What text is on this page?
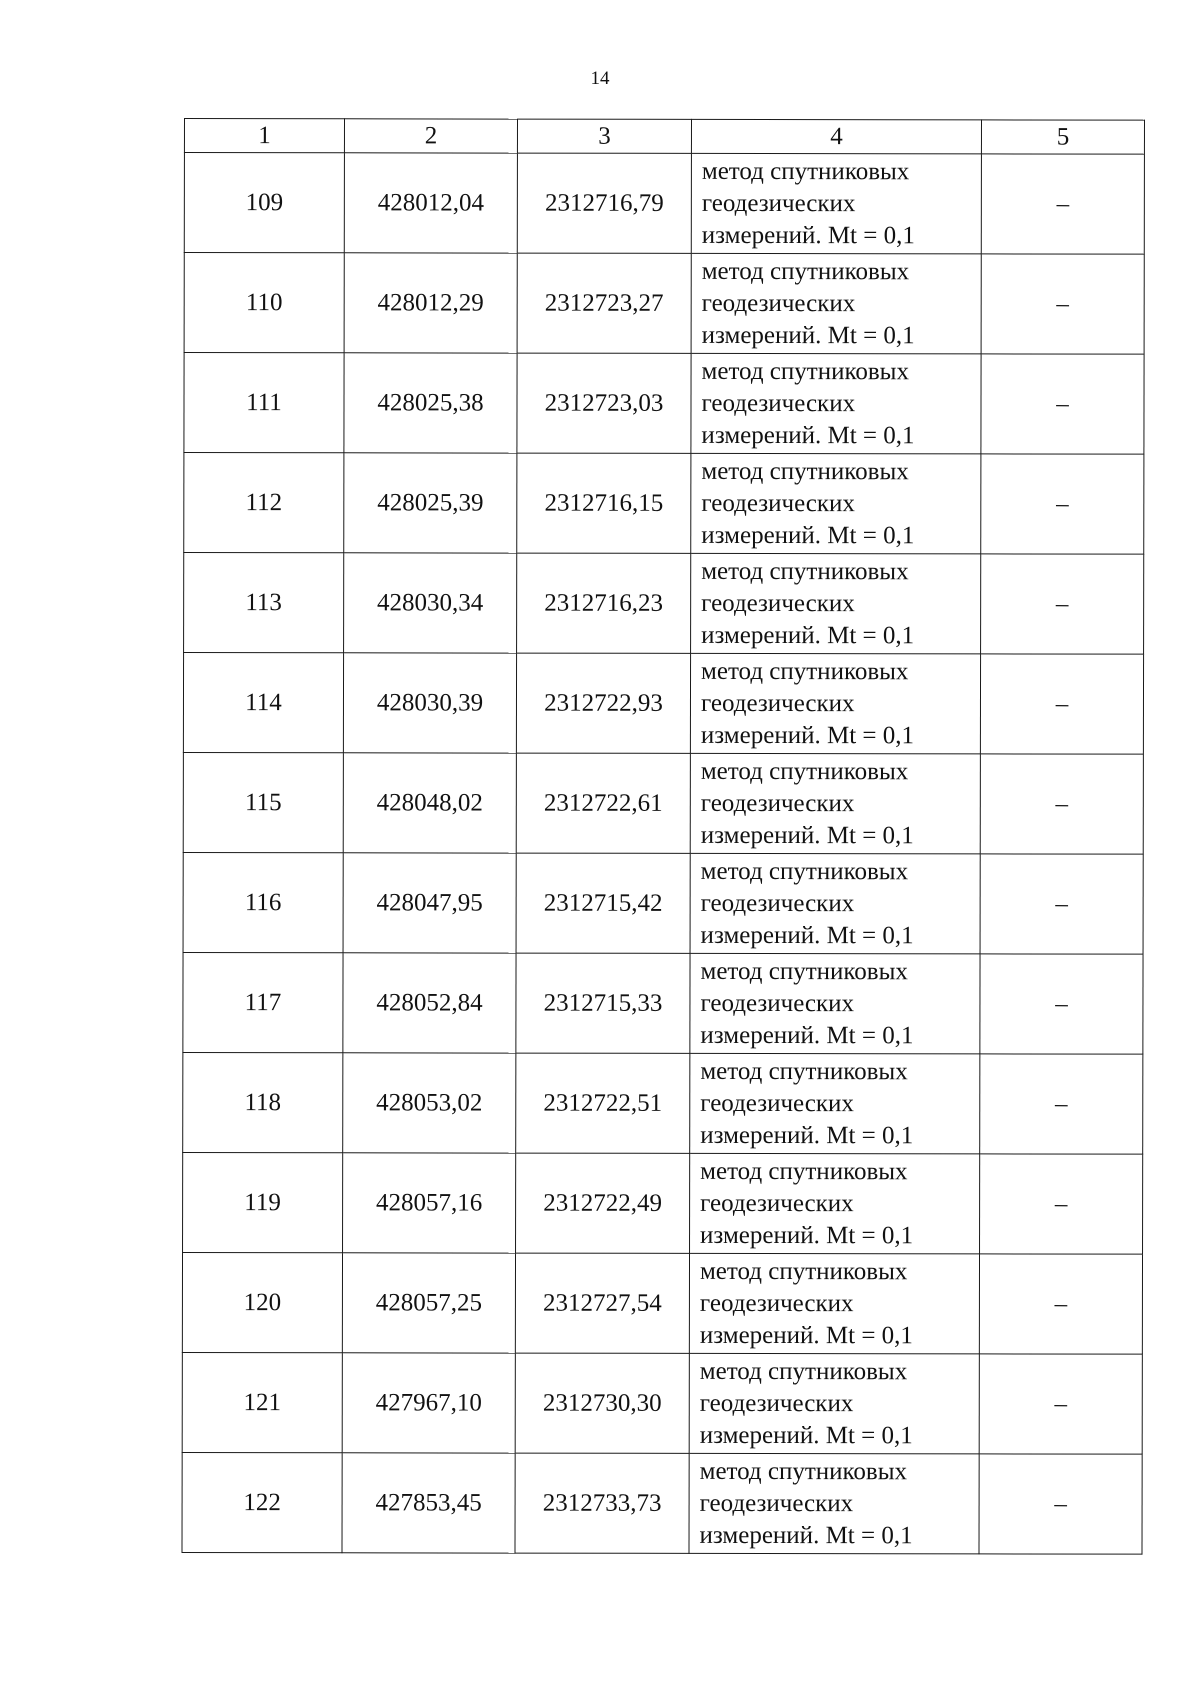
14
1	2	3	4	5
109	428012,04	2312716,79	метод спутниковых
геодезических
измерений. Mt = 0,1	–
110	428012,29	2312723,27	метод спутниковых
геодезических
измерений. Mt = 0,1	–
111	428025,38	2312723,03	метод спутниковых
геодезических
измерений. Mt = 0,1	–
112	428025,39	2312716,15	метод спутниковых
геодезических
измерений. Mt = 0,1	–
113	428030,34	2312716,23	метод спутниковых
геодезических
измерений. Mt = 0,1	–
114	428030,39	2312722,93	метод спутниковых
геодезических
измерений. Mt = 0,1	–
115	428048,02	2312722,61	метод спутниковых
геодезических
измерений. Mt = 0,1	–
116	428047,95	2312715,42	метод спутниковых
геодезических
измерений. Mt = 0,1	–
117	428052,84	2312715,33	метод спутниковых
геодезических
измерений. Mt = 0,1	–
118	428053,02	2312722,51	метод спутниковых
геодезических
измерений. Mt = 0,1	–
119	428057,16	2312722,49	метод спутниковых
геодезических
измерений. Mt = 0,1	–
120	428057,25	2312727,54	метод спутниковых
геодезических
измерений. Mt = 0,1	–
121	427967,10	2312730,30	метод спутниковых
геодезических
измерений. Mt = 0,1	–
122	427853,45	2312733,73	метод спутниковых
геодезических
измерений. Mt = 0,1	–
